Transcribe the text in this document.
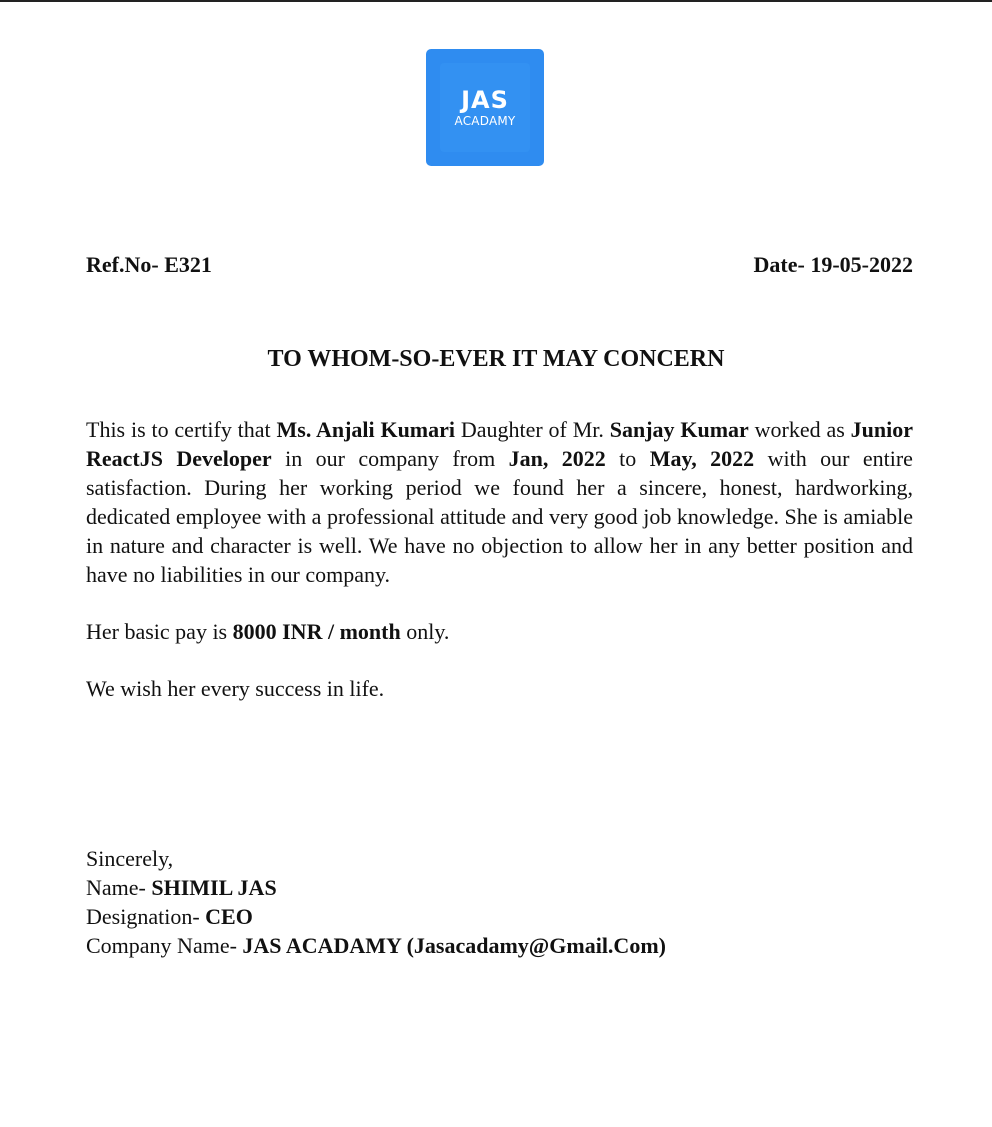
JAS
ACADAMY
Ref.No- E321	Date- 19-05-2022
TO WHOM-SO-EVER IT MAY CONCERN

This is to certify that Ms. Anjali Kumari Daughter of Mr. Sanjay Kumar worked as Junior ReactJS Developer in our company from Jan, 2022 to May, 2022 with our entire satisfaction. During her working period we found her a sincere, honest, hardworking, dedicated employee with a professional attitude and very good job knowledge. She is amiable in nature and character is well. We have no objection to allow her in any better position and have no liabilities in our company.

Her basic pay is 8000 INR / month only.

We wish her every success in life.

Sincerely,
Name- SHIMIL JAS
Designation- CEO
Company Name- JAS ACADAMY (Jasacadamy@Gmail.Com)
